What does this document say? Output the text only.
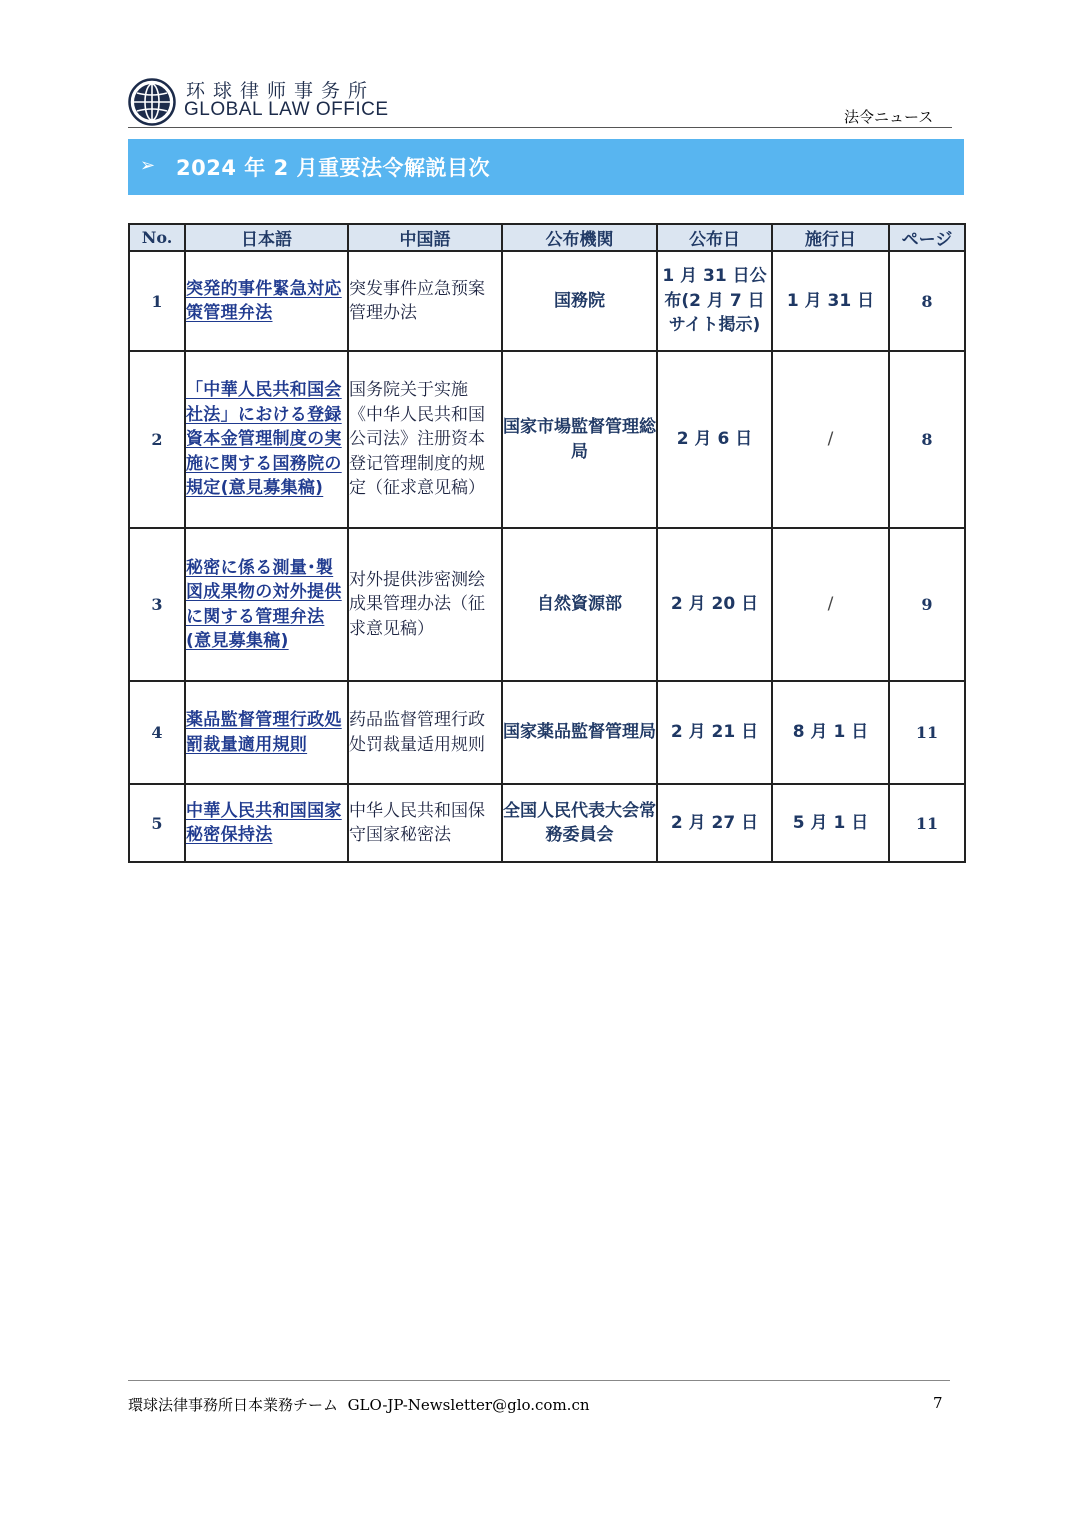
环球律师事务所
GLOBAL LAW OFFICE	法令ニュース
➢ 2024 年 2 月重要法令解説目次
No.	日本語	中国語	公布機関	公布日	施行日	ページ
1	突発的事件緊急対応策管理弁法	突发事件应急预案管理办法	国務院	1 月 31 日公布(2 月 7 日サイト掲示)	1 月 31 日	8
2	「中華人民共和国会社法」における登録資本金管理制度の実施に関する国務院の規定(意見募集稿)	国务院关于实施《中华人民共和国公司法》注册资本登记管理制度的规定（征求意见稿）	国家市場監督管理総局	2 月 6 日	/	8
3	秘密に係る測量･製図成果物の対外提供に関する管理弁法(意見募集稿)	对外提供涉密测绘成果管理办法（征求意见稿）	自然資源部	2 月 20 日	/	9
4	薬品監督管理行政処罰裁量適用規則	药品监督管理行政处罚裁量适用规则	国家薬品監督管理局	2 月 21 日	8 月 1 日	11
5	中華人民共和国国家秘密保持法	中华人民共和国保守国家秘密法	全国人民代表大会常務委員会	2 月 27 日	5 月 1 日	11
環球法律事務所日本業務チーム GLO-JP-Newsletter@glo.com.cn	7
